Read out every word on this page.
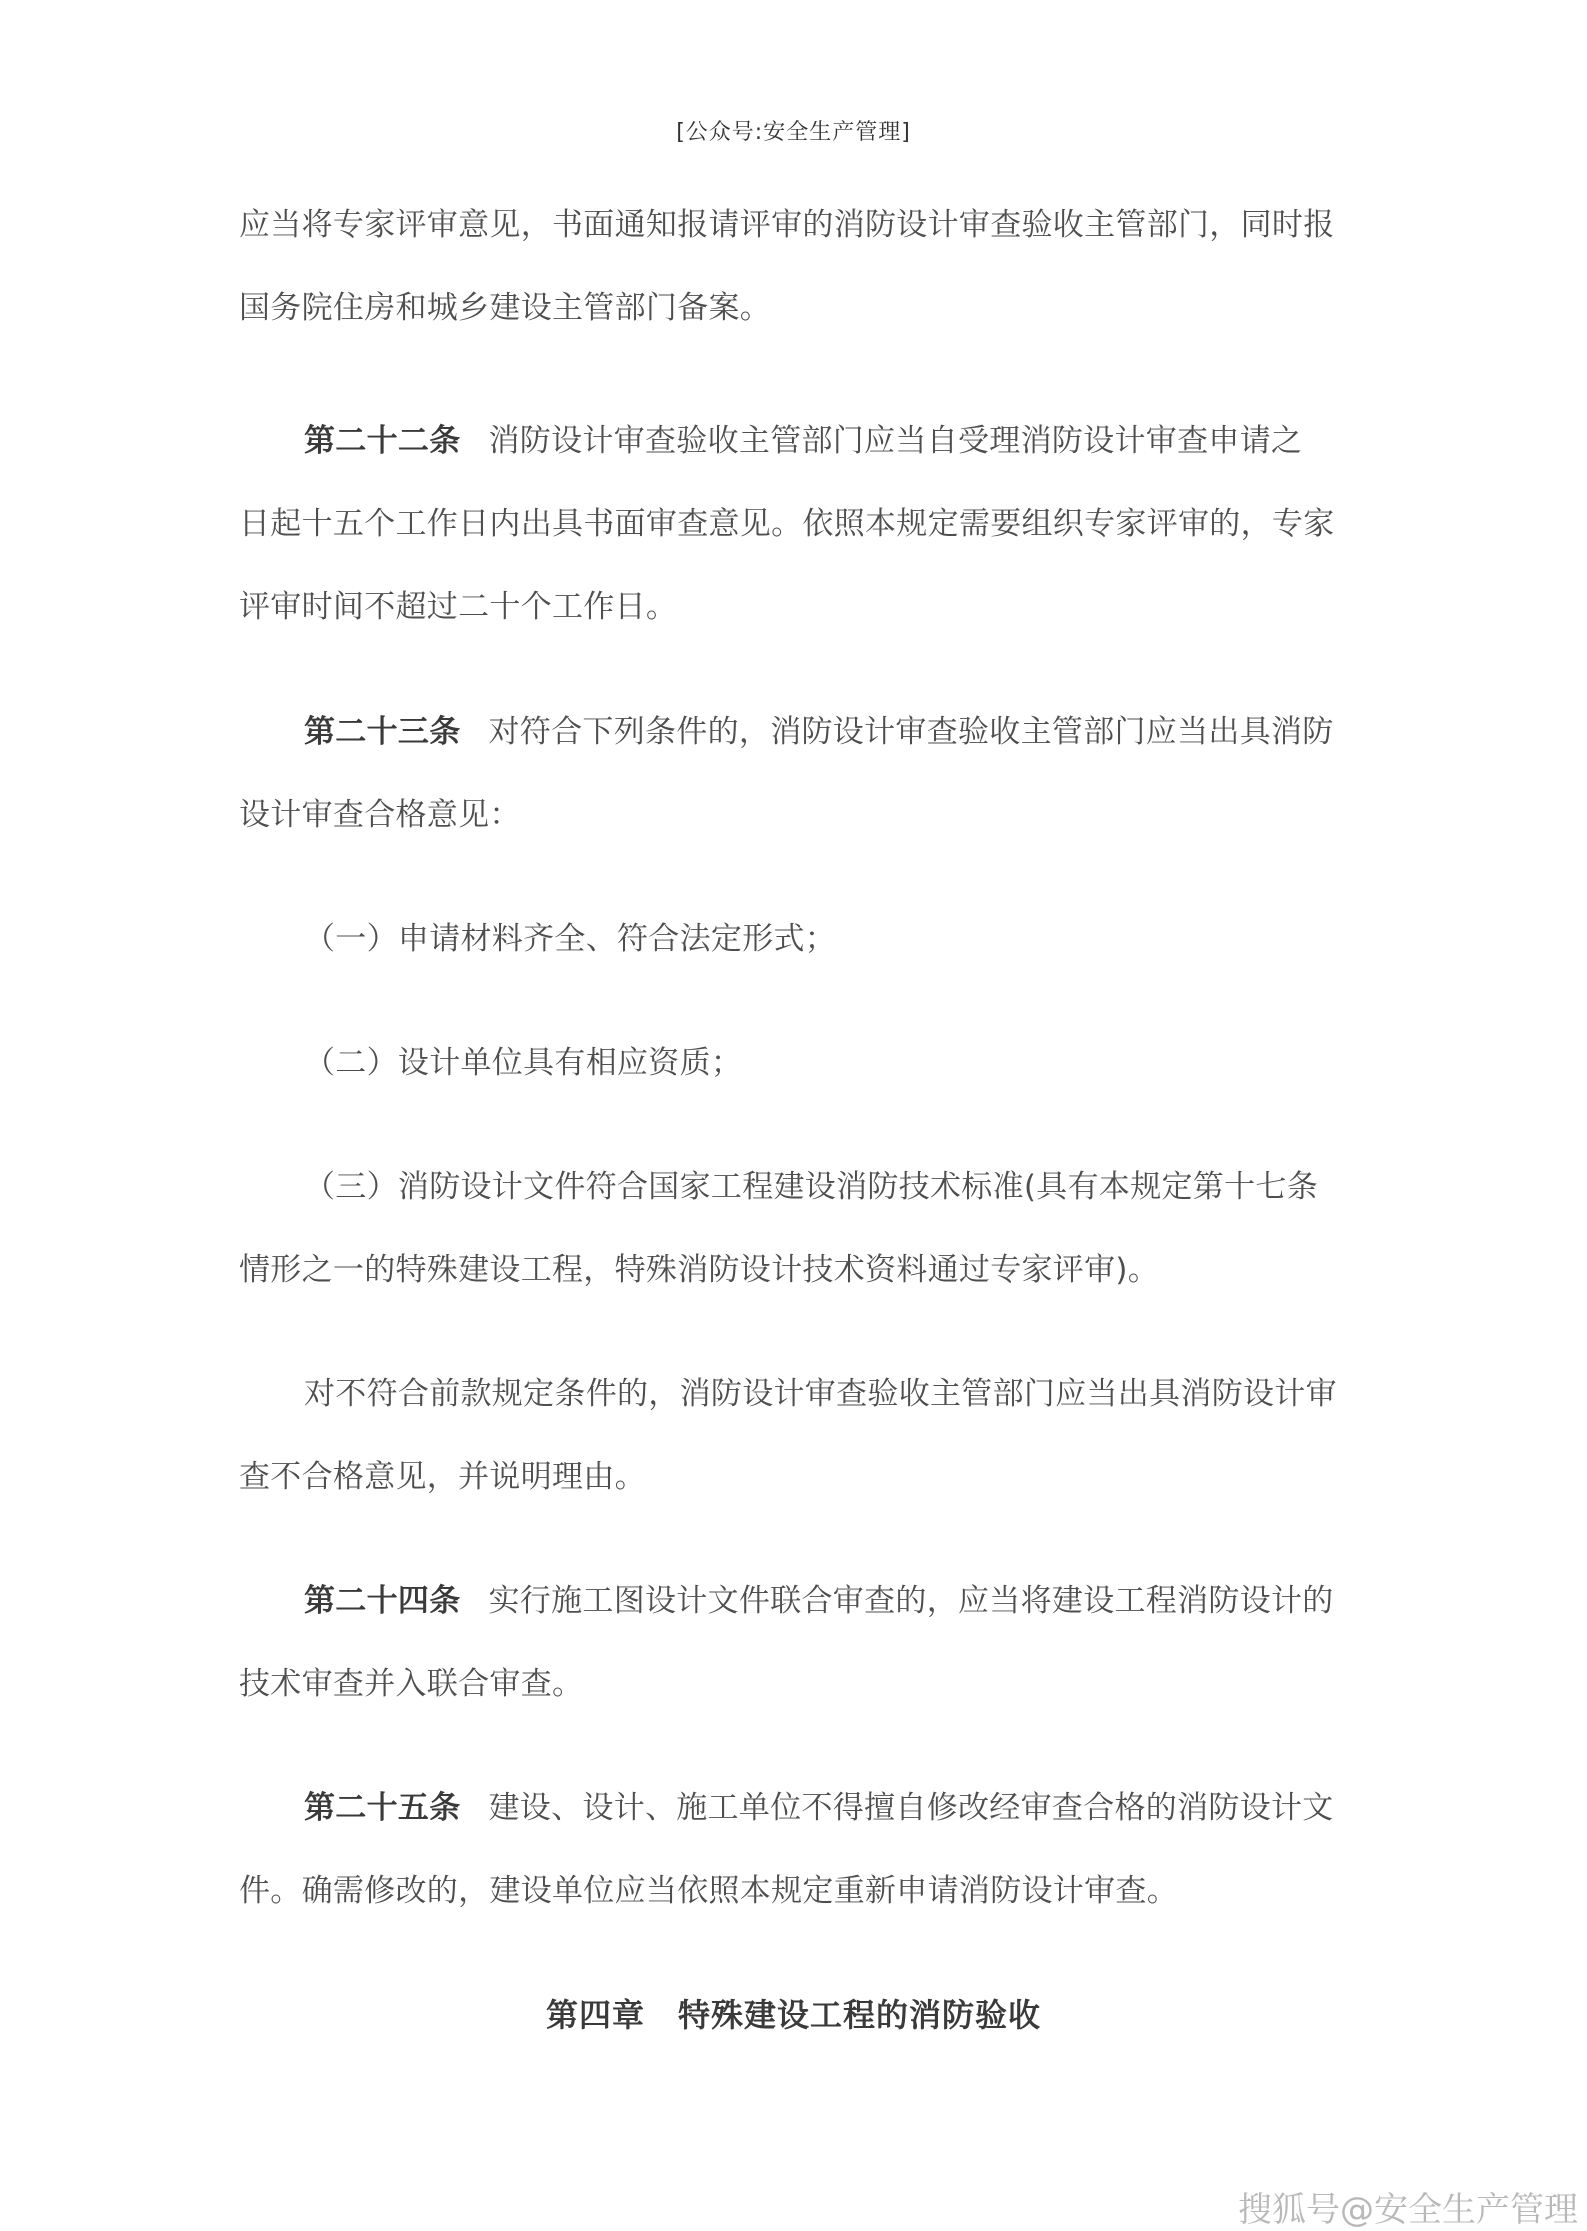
[公众号:安全生产管理]
应当将专家评审意见，书面通知报请评审的消防设计审查验收主管部门，同时报
国务院住房和城乡建设主管部门备案。
第二十二条 消防设计审查验收主管部门应当自受理消防设计审查申请之
日起十五个工作日内出具书面审查意见。依照本规定需要组织专家评审的，专家
评审时间不超过二十个工作日。
第二十三条 对符合下列条件的，消防设计审查验收主管部门应当出具消防
设计审查合格意见：
（一）申请材料齐全、符合法定形式；
（二）设计单位具有相应资质；
（三）消防设计文件符合国家工程建设消防技术标准(具有本规定第十七条
情形之一的特殊建设工程，特殊消防设计技术资料通过专家评审)。
对不符合前款规定条件的，消防设计审查验收主管部门应当出具消防设计审
查不合格意见，并说明理由。
第二十四条 实行施工图设计文件联合审查的，应当将建设工程消防设计的
技术审查并入联合审查。
第二十五条 建设、设计、施工单位不得擅自修改经审查合格的消防设计文
件。确需修改的，建设单位应当依照本规定重新申请消防设计审查。
第四章　特殊建设工程的消防验收
搜狐号@安全生产管理
